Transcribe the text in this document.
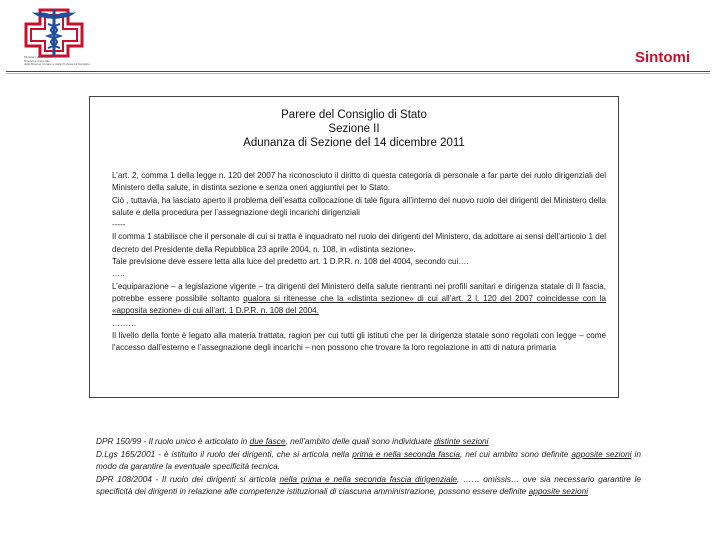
Ministero della Salute
Direzione Generale
delle Risorse Umane e delle Professioni Sanitarie	Sintomi
Parere del Consiglio di Stato
Sezione II
Adunanza di Sezione del 14 dicembre 2011

L’art. 2, comma 1 della legge n. 120 del 2007 ha riconosciuto il diritto di questa categoria di personale a far parte dei ruolo dirigenziali del Ministero della salute, in distinta sezione e senza oneri aggiuntivi per lo Stato.

Ciò , tuttavia, ha lasciato aperto il problema dell’esatta collocazione di tale figura all’interno del nuovo ruolo dei dirigenti del Ministero della salute e della procedura per l’assegnazione degli incarichi dirigenziali

-----

Il comma 1 stabilisce che il personale di cui si tratta è inquadrato nel ruolo dei dirigenti del Ministero, da adottare ai sensi dell’articolo 1 del decreto del Presidente della Repubblica 23 aprile 2004, n. 108, in «distinta sezione».

Tale previsione deve essere letta alla luce del predetto art. 1 D.P.R. n. 108 del 4004, secondo cui….

…..

L’equiparazione – a legislazione vigente – tra dirigenti del Ministero della salute rientranti nei profili sanitari e dirigenza statale di II fascia, potrebbe essere possibile soltanto qualora si ritenesse che la «distinta sezione» di cui all’art. 2 l. 120 del 2007 coincidesse con la «apposita sezione» di cui all’art. 1 D.P.R. n. 108 del 2004.

………

Il livello della fonte è legato alla materia trattata, ragion per cui tutti gli istituti che per la dirigenza statale sono regolati con legge – come l’accesso dall’esterno e l’assegnazione degli incarichi – non possono che trovare la loro regolazione in atti di natura primaria

DPR 150/99 - Il ruolo unico è articolato in due fasce, nell’ambito delle quali sono individuate distinte sezioni

D.Lgs 165/2001 - è istituito il ruolo dei dirigenti, che si articola nella prima e nella seconda fascia, nel cui ambito sono definite apposite sezioni in modo da garantire la eventuale specificità tecnica.

DPR 108/2004 - Il ruolo dei dirigenti si articola nella prima e nella seconda fascia dirigenziale, …… omissis… ove sia necessario garantire le specificità dei dirigenti in relazione alle competenze istituzionali di ciascuna amministrazione, possono essere definite apposite sezioni
